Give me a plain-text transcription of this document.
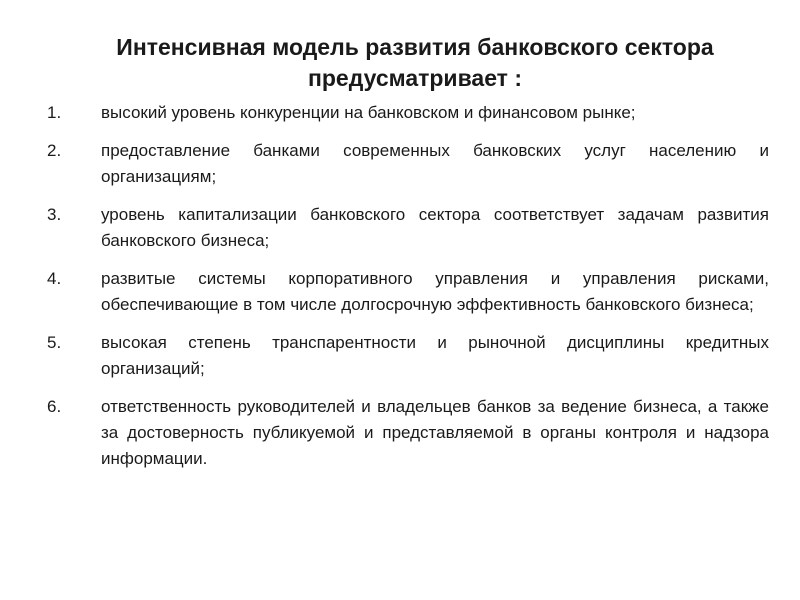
Интенсивная модель развития банковского сектора предусматривает :
1. высокий уровень конкуренции на банковском и финансовом рынке;
2. предоставление банками современных банковских услуг населению и организациям;
3. уровень капитализации банковского сектора соответствует задачам развития банковского бизнеса;
4. развитые системы корпоративного управления и управления рисками, обеспечивающие в том числе долгосрочную эффективность банковского бизнеса;
5. высокая степень транспарентности и рыночной дисциплины кредитных организаций;
6. ответственность руководителей и владельцев банков за ведение бизнеса, а также за достоверность публикуемой и представляемой в органы контроля и надзора информации.
